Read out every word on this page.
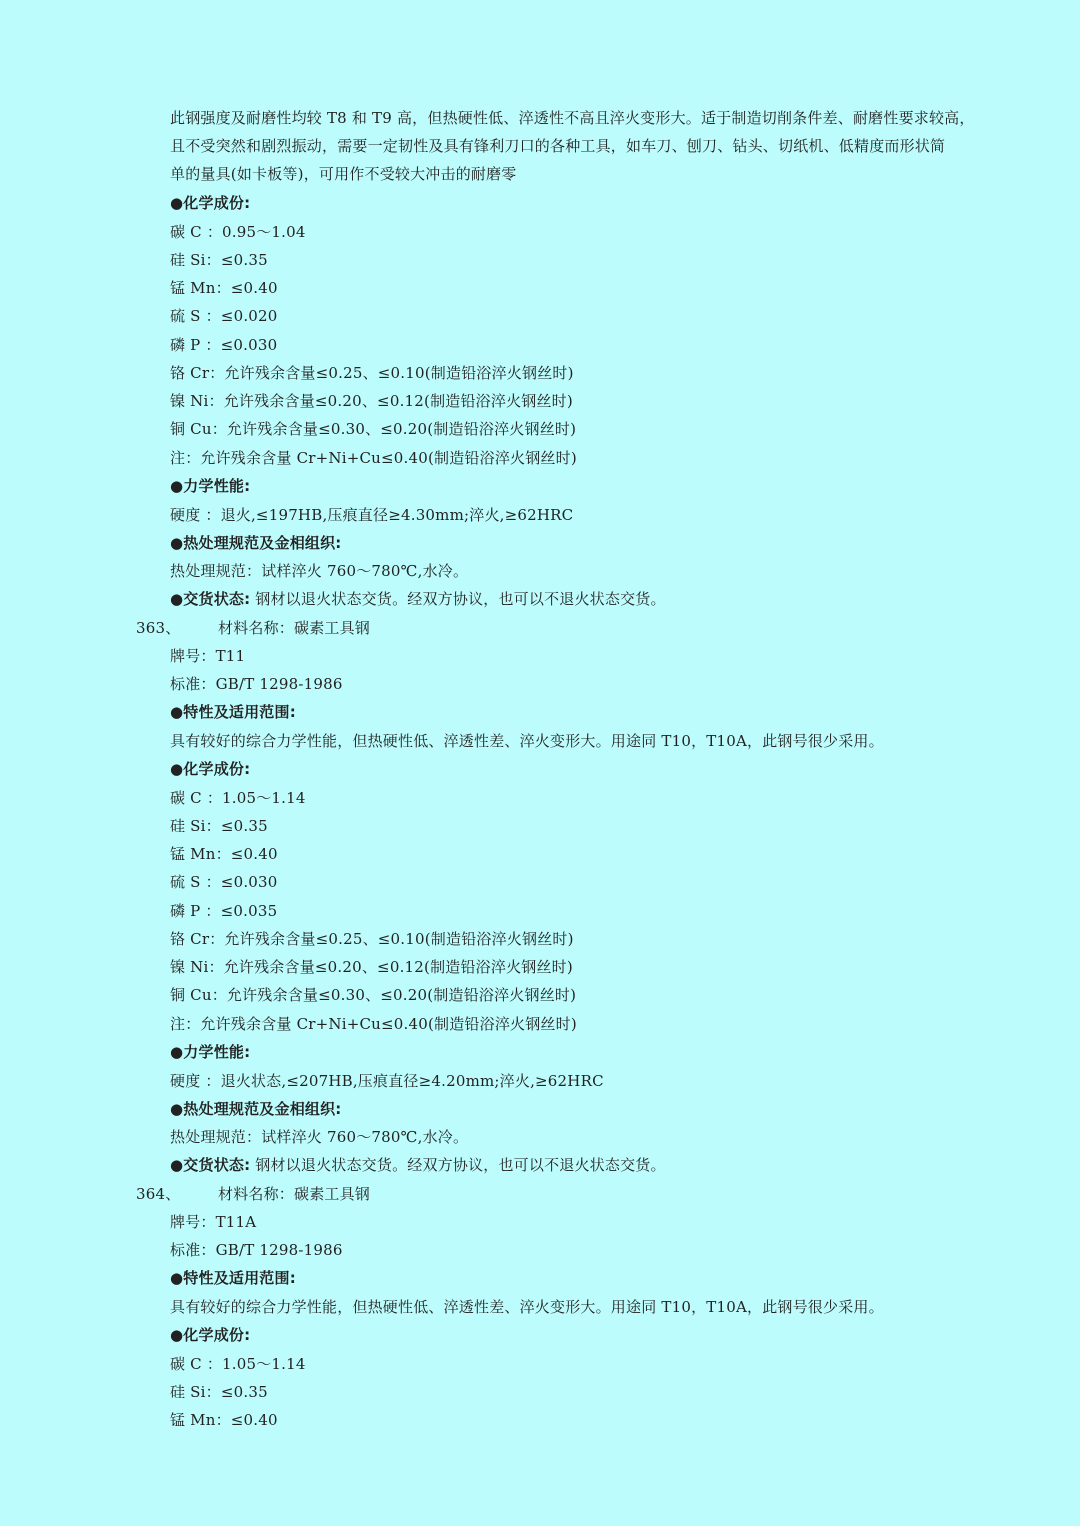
此钢强度及耐磨性均较 T8 和 T9 高，但热硬性低、淬透性不高且淬火变形大。适于制造切削条件差、耐磨性要求较高，
且不受突然和剧烈振动，需要一定韧性及具有锋利刀口的各种工具，如车刀、刨刀、钻头、切纸机、低精度而形状简
单的量具(如卡板等)，可用作不受较大冲击的耐磨零
●化学成份:
碳 C ：0.95～1.04
硅 Si：≤0.35
锰 Mn：≤0.40
硫 S ：≤0.020
磷 P ：≤0.030
铬 Cr：允许残余含量≤0.25、≤0.10(制造铅浴淬火钢丝时)
镍 Ni：允许残余含量≤0.20、≤0.12(制造铅浴淬火钢丝时)
铜 Cu：允许残余含量≤0.30、≤0.20(制造铅浴淬火钢丝时)
注：允许残余含量 Cr+Ni+Cu≤0.40(制造铅浴淬火钢丝时)
●力学性能:
硬度 ：退火,≤197HB,压痕直径≥4.30mm;淬火,≥62HRC
●热处理规范及金相组织:
热处理规范：试样淬火 760～780℃,水冷。
●交货状态: 钢材以退火状态交货。经双方协议，也可以不退火状态交货。
363、	材料名称：碳素工具钢
牌号：T11
标准：GB/T 1298-1986
●特性及适用范围:
具有较好的综合力学性能，但热硬性低、淬透性差、淬火变形大。用途同 T10，T10A，此钢号很少采用。
●化学成份:
碳 C ：1.05～1.14
硅 Si：≤0.35
锰 Mn：≤0.40
硫 S ：≤0.030
磷 P ：≤0.035
铬 Cr：允许残余含量≤0.25、≤0.10(制造铅浴淬火钢丝时)
镍 Ni：允许残余含量≤0.20、≤0.12(制造铅浴淬火钢丝时)
铜 Cu：允许残余含量≤0.30、≤0.20(制造铅浴淬火钢丝时)
注：允许残余含量 Cr+Ni+Cu≤0.40(制造铅浴淬火钢丝时)
●力学性能:
硬度 ：退火状态,≤207HB,压痕直径≥4.20mm;淬火,≥62HRC
●热处理规范及金相组织:
热处理规范：试样淬火 760～780℃,水冷。
●交货状态: 钢材以退火状态交货。经双方协议，也可以不退火状态交货。
364、	材料名称：碳素工具钢
牌号：T11A
标准：GB/T 1298-1986
●特性及适用范围:
具有较好的综合力学性能，但热硬性低、淬透性差、淬火变形大。用途同 T10，T10A，此钢号很少采用。
●化学成份:
碳 C ：1.05～1.14
硅 Si：≤0.35
锰 Mn：≤0.40
